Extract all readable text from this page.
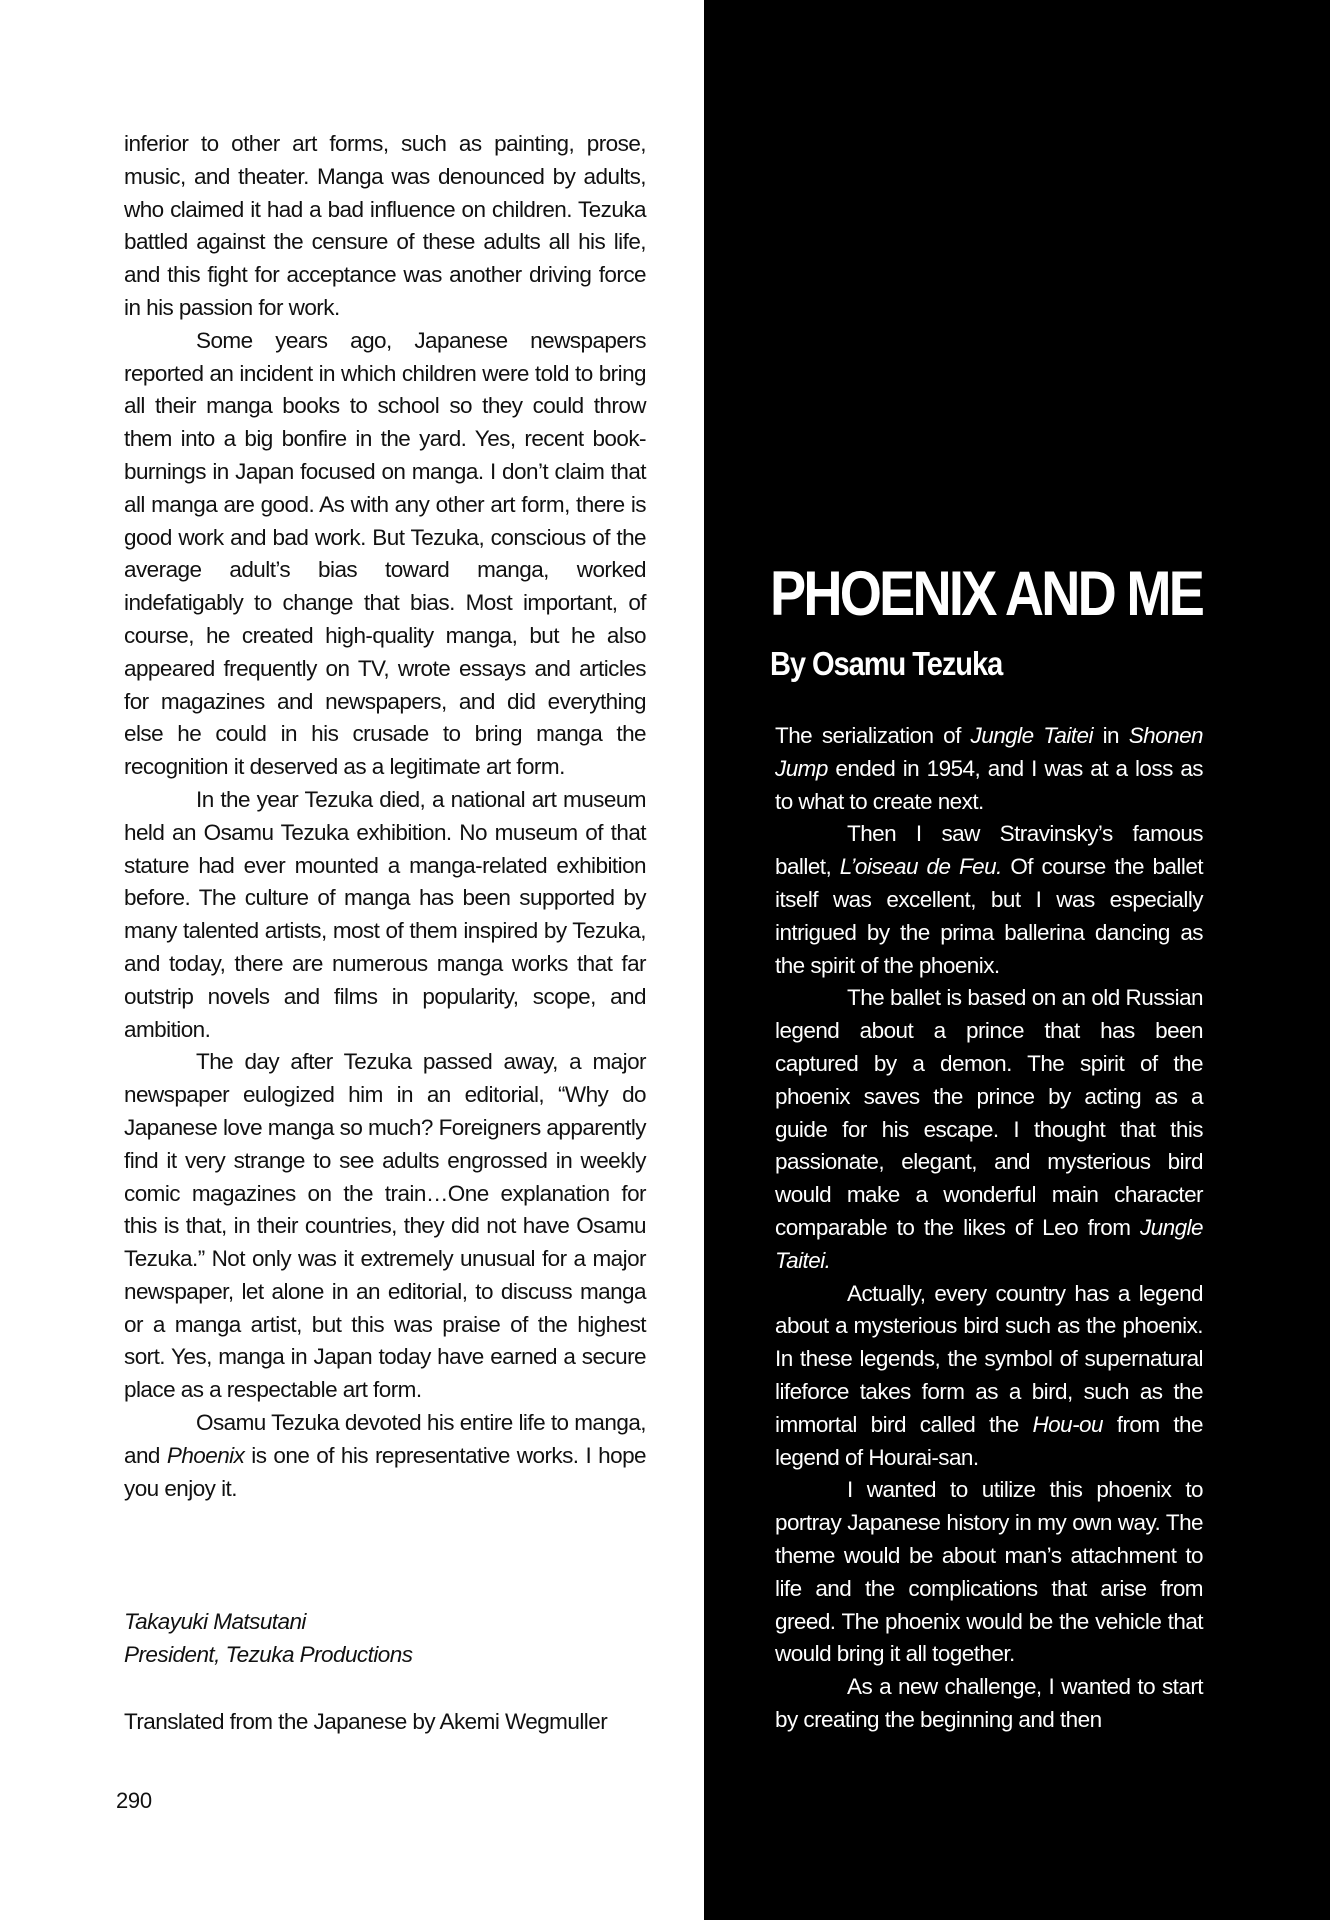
inferior to other art forms, such as painting, prose, music, and theater. Manga was denounced by adults, who claimed it had a bad influence on children. Tezuka battled against the censure of these adults all his life, and this fight for acceptance was another driving force in his passion for work.

Some years ago, Japanese newspapers reported an incident in which children were told to bring all their manga books to school so they could throw them into a big bonfire in the yard. Yes, recent book-burnings in Japan focused on manga. I don’t claim that all manga are good. As with any other art form, there is good work and bad work. But Tezuka, conscious of the average adult’s bias toward manga, worked indefatigably to change that bias. Most important, of course, he created high-quality manga, but he also appeared frequently on TV, wrote essays and articles for magazines and newspapers, and did everything else he could in his crusade to bring manga the recognition it deserved as a legitimate art form.

In the year Tezuka died, a national art museum held an Osamu Tezuka exhibition. No museum of that stature had ever mounted a manga-related exhibition before. The culture of manga has been supported by many talented artists, most of them inspired by Tezuka, and today, there are numerous manga works that far outstrip novels and films in popularity, scope, and ambition.

The day after Tezuka passed away, a major newspaper eulogized him in an editorial, “Why do Japanese love manga so much? Foreigners apparently find it very strange to see adults engrossed in weekly comic magazines on the train…One explanation for this is that, in their countries, they did not have Osamu Tezuka.” Not only was it extremely unusual for a major newspaper, let alone in an editorial, to discuss manga or a manga artist, but this was praise of the highest sort. Yes, manga in Japan today have earned a secure place as a respectable art form.

Osamu Tezuka devoted his entire life to manga, and Phoenix is one of his representative works. I hope you enjoy it.

Takayuki Matsutani
President, Tezuka Productions
Translated from the Japanese by Akemi Wegmuller
290
PHOENIX AND ME
By Osamu Tezuka

The serialization of Jungle Taitei in Shonen Jump ended in 1954, and I was at a loss as to what to create next.

Then I saw Stravinsky’s famous ballet, L’oiseau de Feu. Of course the ballet itself was excellent, but I was especially intrigued by the prima ballerina dancing as the spirit of the phoenix.

The ballet is based on an old Russian legend about a prince that has been captured by a demon. The spirit of the phoenix saves the prince by acting as a guide for his escape. I thought that this passionate, elegant, and mysterious bird would make a wonderful main character comparable to the likes of Leo from Jungle Taitei.

Actually, every country has a legend about a mysterious bird such as the phoenix. In these legends, the symbol of supernatural lifeforce takes form as a bird, such as the immortal bird called the Hou-ou from the legend of Hourai-san.

I wanted to utilize this phoenix to portray Japanese history in my own way. The theme would be about man’s attachment to life and the complications that arise from greed. The phoenix would be the vehicle that would bring it all together.

As a new challenge, I wanted to start by creating the beginning and then
